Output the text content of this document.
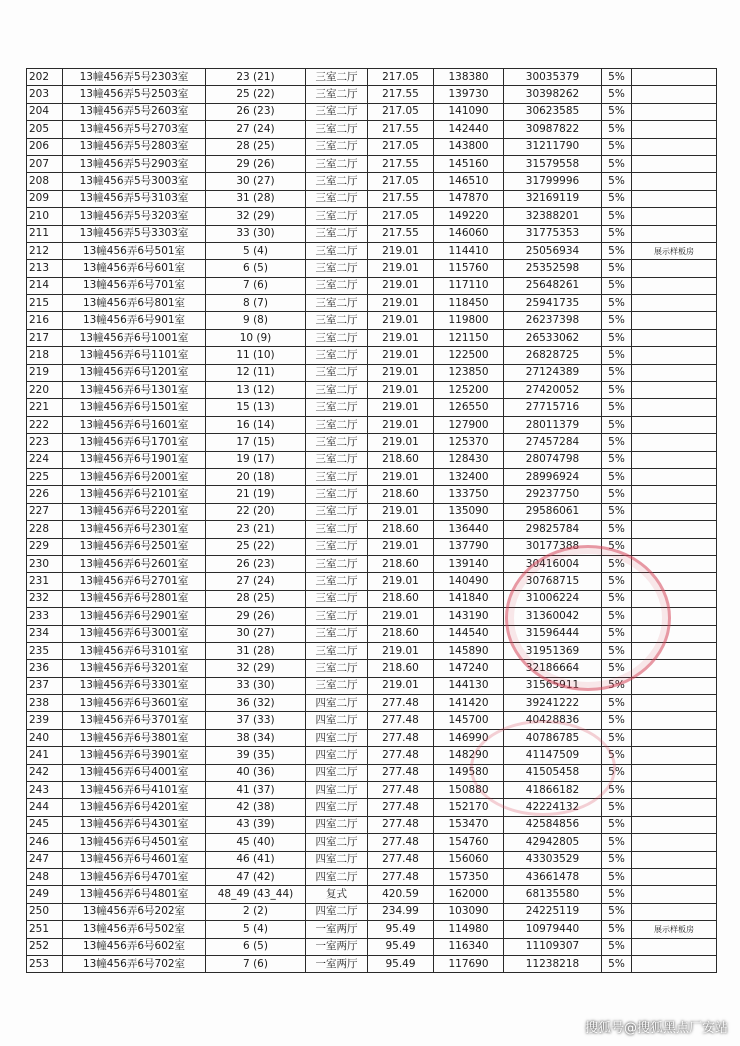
202	13幢456弄5号2303室	23 (21)	三室二厅	217.05	138380	30035379	5%	
203	13幢456弄5号2503室	25 (22)	三室二厅	217.55	139730	30398262	5%	
204	13幢456弄5号2603室	26 (23)	三室二厅	217.05	141090	30623585	5%	
205	13幢456弄5号2703室	27 (24)	三室二厅	217.55	142440	30987822	5%	
206	13幢456弄5号2803室	28 (25)	三室二厅	217.05	143800	31211790	5%	
207	13幢456弄5号2903室	29 (26)	三室二厅	217.55	145160	31579558	5%	
208	13幢456弄5号3003室	30 (27)	三室二厅	217.05	146510	31799996	5%	
209	13幢456弄5号3103室	31 (28)	三室二厅	217.55	147870	32169119	5%	
210	13幢456弄5号3203室	32 (29)	三室二厅	217.05	149220	32388201	5%	
211	13幢456弄5号3303室	33 (30)	三室二厅	217.55	146060	31775353	5%	
212	13幢456弄6号501室	5 (4)	三室二厅	219.01	114410	25056934	5%	展示样板房
213	13幢456弄6号601室	6 (5)	三室二厅	219.01	115760	25352598	5%	
214	13幢456弄6号701室	7 (6)	三室二厅	219.01	117110	25648261	5%	
215	13幢456弄6号801室	8 (7)	三室二厅	219.01	118450	25941735	5%	
216	13幢456弄6号901室	9 (8)	三室二厅	219.01	119800	26237398	5%	
217	13幢456弄6号1001室	10 (9)	三室二厅	219.01	121150	26533062	5%	
218	13幢456弄6号1101室	11 (10)	三室二厅	219.01	122500	26828725	5%	
219	13幢456弄6号1201室	12 (11)	三室二厅	219.01	123850	27124389	5%	
220	13幢456弄6号1301室	13 (12)	三室二厅	219.01	125200	27420052	5%	
221	13幢456弄6号1501室	15 (13)	三室二厅	219.01	126550	27715716	5%	
222	13幢456弄6号1601室	16 (14)	三室二厅	219.01	127900	28011379	5%	
223	13幢456弄6号1701室	17 (15)	三室二厅	219.01	125370	27457284	5%	
224	13幢456弄6号1901室	19 (17)	三室二厅	218.60	128430	28074798	5%	
225	13幢456弄6号2001室	20 (18)	三室二厅	219.01	132400	28996924	5%	
226	13幢456弄6号2101室	21 (19)	三室二厅	218.60	133750	29237750	5%	
227	13幢456弄6号2201室	22 (20)	三室二厅	219.01	135090	29586061	5%	
228	13幢456弄6号2301室	23 (21)	三室二厅	218.60	136440	29825784	5%	
229	13幢456弄6号2501室	25 (22)	三室二厅	219.01	137790	30177388	5%	
230	13幢456弄6号2601室	26 (23)	三室二厅	218.60	139140	30416004	5%	
231	13幢456弄6号2701室	27 (24)	三室二厅	219.01	140490	30768715	5%	
232	13幢456弄6号2801室	28 (25)	三室二厅	218.60	141840	31006224	5%	
233	13幢456弄6号2901室	29 (26)	三室二厅	219.01	143190	31360042	5%	
234	13幢456弄6号3001室	30 (27)	三室二厅	218.60	144540	31596444	5%	
235	13幢456弄6号3101室	31 (28)	三室二厅	219.01	145890	31951369	5%	
236	13幢456弄6号3201室	32 (29)	三室二厅	218.60	147240	32186664	5%	
237	13幢456弄6号3301室	33 (30)	三室二厅	219.01	144130	31565911	5%	
238	13幢456弄6号3601室	36 (32)	四室二厅	277.48	141420	39241222	5%	
239	13幢456弄6号3701室	37 (33)	四室二厅	277.48	145700	40428836	5%	
240	13幢456弄6号3801室	38 (34)	四室二厅	277.48	146990	40786785	5%	
241	13幢456弄6号3901室	39 (35)	四室二厅	277.48	148290	41147509	5%	
242	13幢456弄6号4001室	40 (36)	四室二厅	277.48	149580	41505458	5%	
243	13幢456弄6号4101室	41 (37)	四室二厅	277.48	150880	41866182	5%	
244	13幢456弄6号4201室	42 (38)	四室二厅	277.48	152170	42224132	5%	
245	13幢456弄6号4301室	43 (39)	四室二厅	277.48	153470	42584856	5%	
246	13幢456弄6号4501室	45 (40)	四室二厅	277.48	154760	42942805	5%	
247	13幢456弄6号4601室	46 (41)	四室二厅	277.48	156060	43303529	5%	
248	13幢456弄6号4701室	47 (42)	四室二厅	277.48	157350	43661478	5%	
249	13幢456弄6号4801室	48_49 (43_44)	复式	420.59	162000	68135580	5%	
250	13幢456弄6号202室	2 (2)	四室二厅	234.99	103090	24225119	5%	
251	13幢456弄6号502室	5 (4)	一室两厅	95.49	114980	10979440	5%	展示样板房
252	13幢456弄6号602室	6 (5)	一室两厅	95.49	116340	11109307	5%	
253	13幢456弄6号702室	7 (6)	一室两厅	95.49	117690	11238218	5%	
搜狐号@搜狐黑点厂安站
